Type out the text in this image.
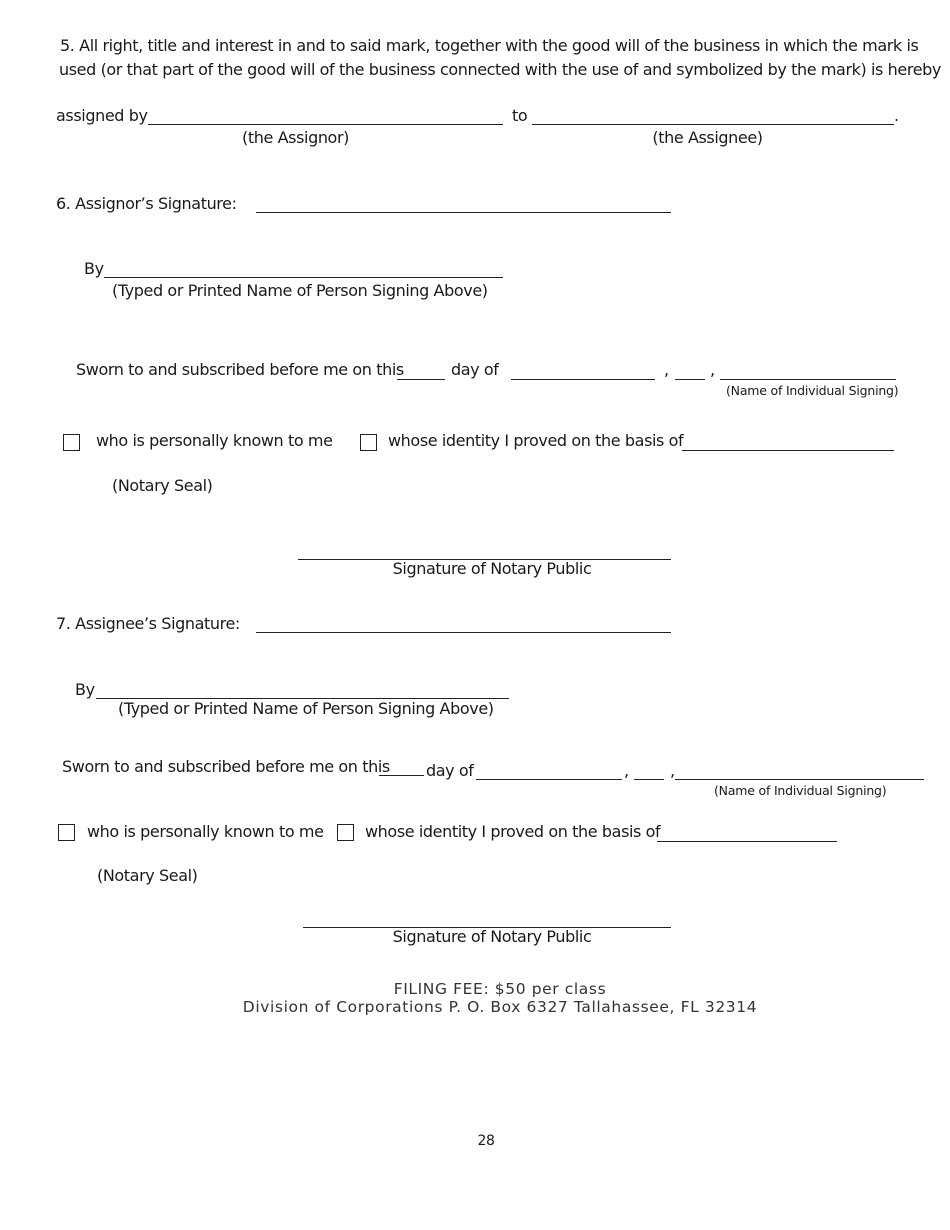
5. All right, title and interest in and to said mark, together with the good will of the business in which the mark is
used (or that part of the good will of the business connected with the use of and symbolized by the mark) is hereby
assigned by	to	.
(the Assignor)	(the Assignee)
6. Assignor’s Signature:
By
(Typed or Printed Name of Person Signing Above)
Sworn to and subscribed before me on this	day of	,	,
(Name of Individual Signing)
who is personally known to me	whose identity I proved on the basis of
(Notary Seal)
Signature of Notary Public
7. Assignee’s Signature:
By
(Typed or Printed Name of Person Signing Above)
Sworn to and subscribed before me on this day of	,	,
(Name of Individual Signing)
who is personally known to me	whose identity I proved on the basis of
(Notary Seal)
Signature of Notary Public
FILING FEE: $50 per class
Division of Corporations P. O. Box 6327 Tallahassee, FL 32314
28
